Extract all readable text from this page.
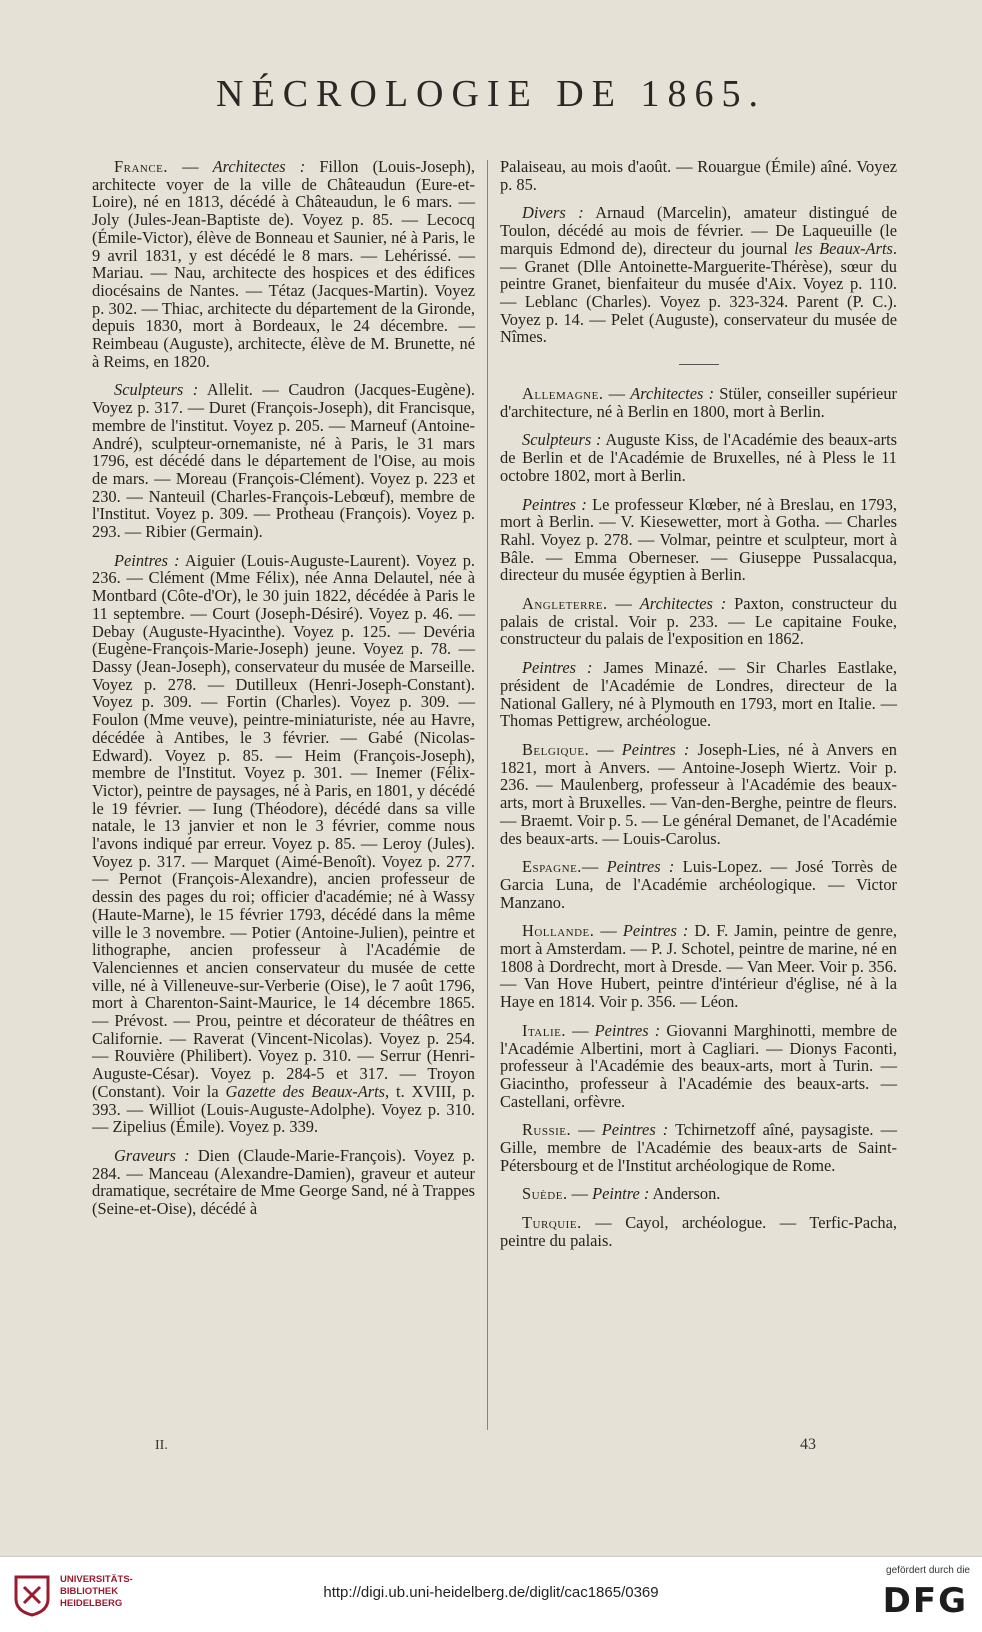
NÉCROLOGIE DE 1865.

France. — Architectes : Fillon (Louis-Joseph), architecte voyer de la ville de Châteaudun (Eure-et-Loire), né en 1813, décédé à Châteaudun, le 6 mars. — Joly (Jules-Jean-Baptiste de). Voyez p. 85. — Lecocq (Émile-Victor), élève de Bonneau et Saunier, né à Paris, le 9 avril 1831, y est décédé le 8 mars. — Lehérissé. — Mariau. — Nau, architecte des hospices et des édifices diocésains de Nantes. — Tétaz (Jacques-Martin). Voyez p. 302. — Thiac, architecte du département de la Gironde, depuis 1830, mort à Bordeaux, le 24 décembre. — Reimbeau (Auguste), architecte, élève de M. Brunette, né à Reims, en 1820.

Sculpteurs : Allelit. — Caudron (Jacques-Eugène). Voyez p. 317. — Duret (François-Joseph), dit Francisque, membre de l'institut. Voyez p. 205. — Marneuf (Antoine-André), sculpteur-ornemaniste, né à Paris, le 31 mars 1796, est décédé dans le département de l'Oise, au mois de mars. — Moreau (François-Clément). Voyez p. 223 et 230. — Nanteuil (Charles-François-Lebœuf), membre de l'Institut. Voyez p. 309. — Protheau (François). Voyez p. 293. — Ribier (Germain).

Peintres : Aiguier (Louis-Auguste-Laurent). Voyez p. 236. — Clément (Mme Félix), née Anna Delautel, née à Montbard (Côte-d'Or), le 30 juin 1822, décédée à Paris le 11 septembre. — Court (Joseph-Désiré). Voyez p. 46. — Debay (Auguste-Hyacinthe). Voyez p. 125. — Devéria (Eugène-François-Marie-Joseph) jeune. Voyez p. 78. — Dassy (Jean-Joseph), conservateur du musée de Marseille. Voyez p. 278. — Dutilleux (Henri-Joseph-Constant). Voyez p. 309. — Fortin (Charles). Voyez p. 309. — Foulon (Mme veuve), peintre-miniaturiste, née au Havre, décédée à Antibes, le 3 février. — Gabé (Nicolas-Edward). Voyez p. 85. — Heim (François-Joseph), membre de l'Institut. Voyez p. 301. — Inemer (Félix-Victor), peintre de paysages, né à Paris, en 1801, y décédé le 19 février. — Iung (Théodore), décédé dans sa ville natale, le 13 janvier et non le 3 février, comme nous l'avons indiqué par erreur. Voyez p. 85. — Leroy (Jules). Voyez p. 317. — Marquet (Aimé-Benoît). Voyez p. 277. — Pernot (François-Alexandre), ancien professeur de dessin des pages du roi; officier d'académie; né à Wassy (Haute-Marne), le 15 février 1793, décédé dans la même ville le 3 novembre. — Potier (Antoine-Julien), peintre et lithographe, ancien professeur à l'Académie de Valenciennes et ancien conservateur du musée de cette ville, né à Villeneuve-sur-Verberie (Oise), le 7 août 1796, mort à Charenton-Saint-Maurice, le 14 décembre 1865. — Prévost. — Prou, peintre et décorateur de théâtres en Californie. — Raverat (Vincent-Nicolas). Voyez p. 254. — Rouvière (Philibert). Voyez p. 310. — Serrur (Henri-Auguste-César). Voyez p. 284-5 et 317. — Troyon (Constant). Voir la Gazette des Beaux-Arts, t. XVIII, p. 393. — Williot (Louis-Auguste-Adolphe). Voyez p. 310. — Zipelius (Émile). Voyez p. 339.

Graveurs : Dien (Claude-Marie-François). Voyez p. 284. — Manceau (Alexandre-Damien), graveur et auteur dramatique, secrétaire de Mme George Sand, né à Trappes (Seine-et-Oise), décédé à

Palaiseau, au mois d'août. — Rouargue (Émile) aîné. Voyez p. 85.

Divers : Arnaud (Marcelin), amateur distingué de Toulon, décédé au mois de février. — De Laqueuille (le marquis Edmond de), directeur du journal les Beaux-Arts. — Granet (Dlle Antoinette-Marguerite-Thérèse), sœur du peintre Granet, bienfaiteur du musée d'Aix. Voyez p. 110. — Leblanc (Charles). Voyez p. 323-324. Parent (P. C.). Voyez p. 14. — Pelet (Auguste), conservateur du musée de Nîmes.

Allemagne. — Architectes : Stüler, conseiller supérieur d'architecture, né à Berlin en 1800, mort à Berlin.

Sculpteurs : Auguste Kiss, de l'Académie des beaux-arts de Berlin et de l'Académie de Bruxelles, né à Pless le 11 octobre 1802, mort à Berlin.

Peintres : Le professeur Klœber, né à Breslau, en 1793, mort à Berlin. — V. Kiesewetter, mort à Gotha. — Charles Rahl. Voyez p. 278. — Volmar, peintre et sculpteur, mort à Bâle. — Emma Oberneser. — Giuseppe Pussalacqua, directeur du musée égyptien à Berlin.

Angleterre. — Architectes : Paxton, constructeur du palais de cristal. Voir p. 233. — Le capitaine Fouke, constructeur du palais de l'exposition en 1862.

Peintres : James Minazé. — Sir Charles Eastlake, président de l'Académie de Londres, directeur de la National Gallery, né à Plymouth en 1793, mort en Italie. — Thomas Pettigrew, archéologue.

Belgique. — Peintres : Joseph-Lies, né à Anvers en 1821, mort à Anvers. — Antoine-Joseph Wiertz. Voir p. 236. — Maulenberg, professeur à l'Académie des beaux-arts, mort à Bruxelles. — Van-den-Berghe, peintre de fleurs. — Braemt. Voir p. 5. — Le général Demanet, de l'Académie des beaux-arts. — Louis-Carolus.

Espagne.— Peintres : Luis-Lopez. — José Torrès de Garcia Luna, de l'Académie archéologique. — Victor Manzano.

Hollande. — Peintres : D. F. Jamin, peintre de genre, mort à Amsterdam. — P. J. Schotel, peintre de marine, né en 1808 à Dordrecht, mort à Dresde. — Van Meer. Voir p. 356. — Van Hove Hubert, peintre d'intérieur d'église, né à la Haye en 1814. Voir p. 356. — Léon.

Italie. — Peintres : Giovanni Marghinotti, membre de l'Académie Albertini, mort à Cagliari. — Dionys Faconti, professeur à l'Académie des beaux-arts, mort à Turin. — Giacintho, professeur à l'Académie des beaux-arts. — Castellani, orfèvre.

Russie. — Peintres : Tchirnetzoff aîné, paysagiste. — Gille, membre de l'Académie des beaux-arts de Saint-Pétersbourg et de l'Institut archéologique de Rome.

Suède. — Peintre : Anderson.

Turquie. — Cayol, archéologue. — Terfic-Pacha, peintre du palais.

II.	43
UNIVERSITÄTS-
BIBLIOTHEK
HEIDELBERG
http://digi.ub.uni-heidelberg.de/diglit/cac1865/0369
gefördert durch die
DFG
